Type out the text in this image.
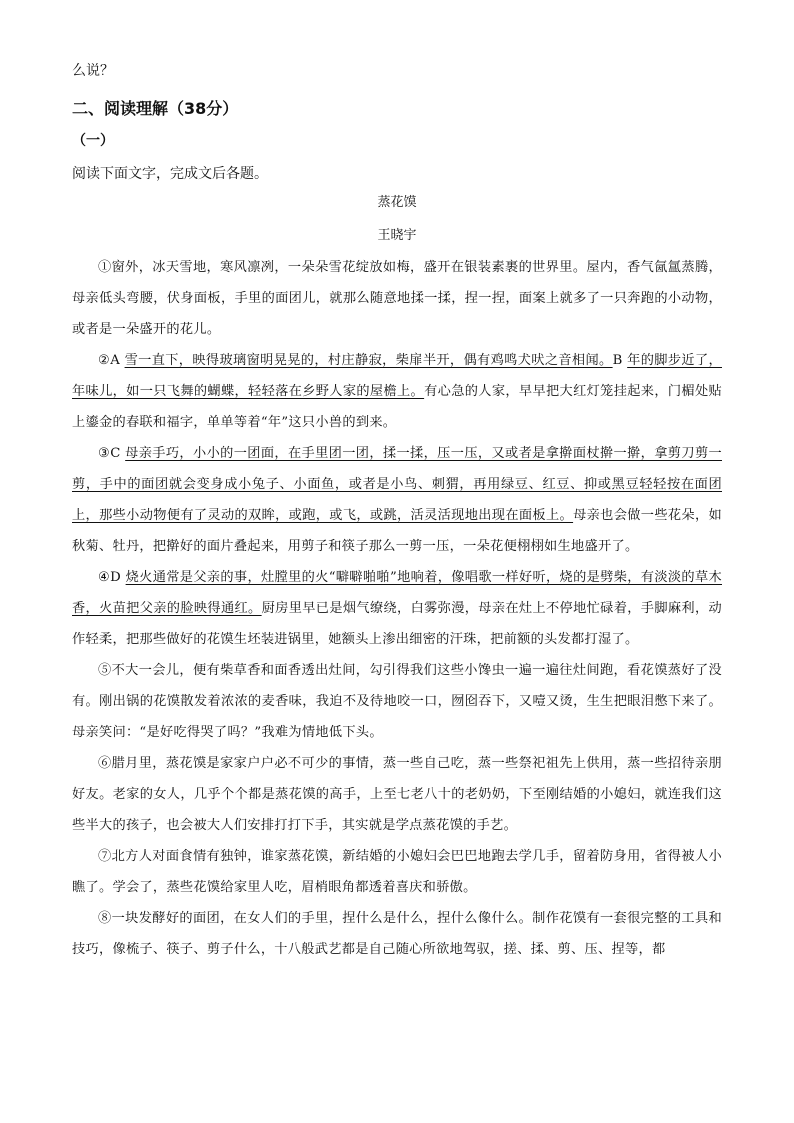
么说？
二、阅读理解（38分）
（一）
阅读下面文字，完成文后各题。
蒸花馍
王晓宇

①窗外，冰天雪地，寒风凛冽，一朵朵雪花绽放如梅，盛开在银装素裹的世界里。屋内，香气氤氲蒸腾，母亲低头弯腰，伏身面板，手里的面团儿，就那么随意地揉一揉，捏一捏，面案上就多了一只奔跑的小动物，或者是一朵盛开的花儿。

②A 雪一直下，映得玻璃窗明晃晃的，村庄静寂，柴扉半开，偶有鸡鸣犬吠之音相闻。B 年的脚步近了，年味儿，如一只飞舞的蝴蝶，轻轻落在乡野人家的屋檐上。有心急的人家，早早把大红灯笼挂起来，门楣处贴上鎏金的春联和福字，单单等着“年”这只小兽的到来。

③C 母亲手巧，小小的一团面，在手里团一团，揉一揉，压一压，又或者是拿擀面杖擀一擀，拿剪刀剪一剪，手中的面团就会变身成小兔子、小面鱼，或者是小鸟、刺猬，再用绿豆、红豆、抑或黑豆轻轻按在面团上，那些小动物便有了灵动的双眸，或跑，或飞，或跳，活灵活现地出现在面板上。母亲也会做一些花朵，如秋菊、牡丹，把擀好的面片叠起来，用剪子和筷子那么一剪一压，一朵花便栩栩如生地盛开了。

④D 烧火通常是父亲的事，灶膛里的火“噼噼啪啪”地响着，像唱歌一样好听，烧的是劈柴，有淡淡的草木香，火苗把父亲的脸映得通红。厨房里早已是烟气缭绕，白雾弥漫，母亲在灶上不停地忙碌着，手脚麻利，动作轻柔，把那些做好的花馍生坯装进锅里，她额头上渗出细密的汗珠，把前额的头发都打湿了。

⑤不大一会儿，便有柴草香和面香透出灶间，勾引得我们这些小馋虫一遍一遍往灶间跑，看花馍蒸好了没有。刚出锅的花馍散发着浓浓的麦香味，我迫不及待地咬一口，囫囵吞下，又噎又烫，生生把眼泪憋下来了。母亲笑问：“是好吃得哭了吗？”我难为情地低下头。

⑥腊月里，蒸花馍是家家户户必不可少的事情，蒸一些自己吃，蒸一些祭祀祖先上供用，蒸一些招待亲朋好友。老家的女人，几乎个个都是蒸花馍的高手，上至七老八十的老奶奶，下至刚结婚的小媳妇，就连我们这些半大的孩子，也会被大人们安排打打下手，其实就是学点蒸花馍的手艺。

⑦北方人对面食情有独钟，谁家蒸花馍，新结婚的小媳妇会巴巴地跑去学几手，留着防身用，省得被人小瞧了。学会了，蒸些花馍给家里人吃，眉梢眼角都透着喜庆和骄傲。

⑧一块发酵好的面团，在女人们的手里，捏什么是什么，捏什么像什么。制作花馍有一套很完整的工具和技巧，像梳子、筷子、剪子什么，十八般武艺都是自己随心所欲地驾驭，搓、揉、剪、压、捏等，都
